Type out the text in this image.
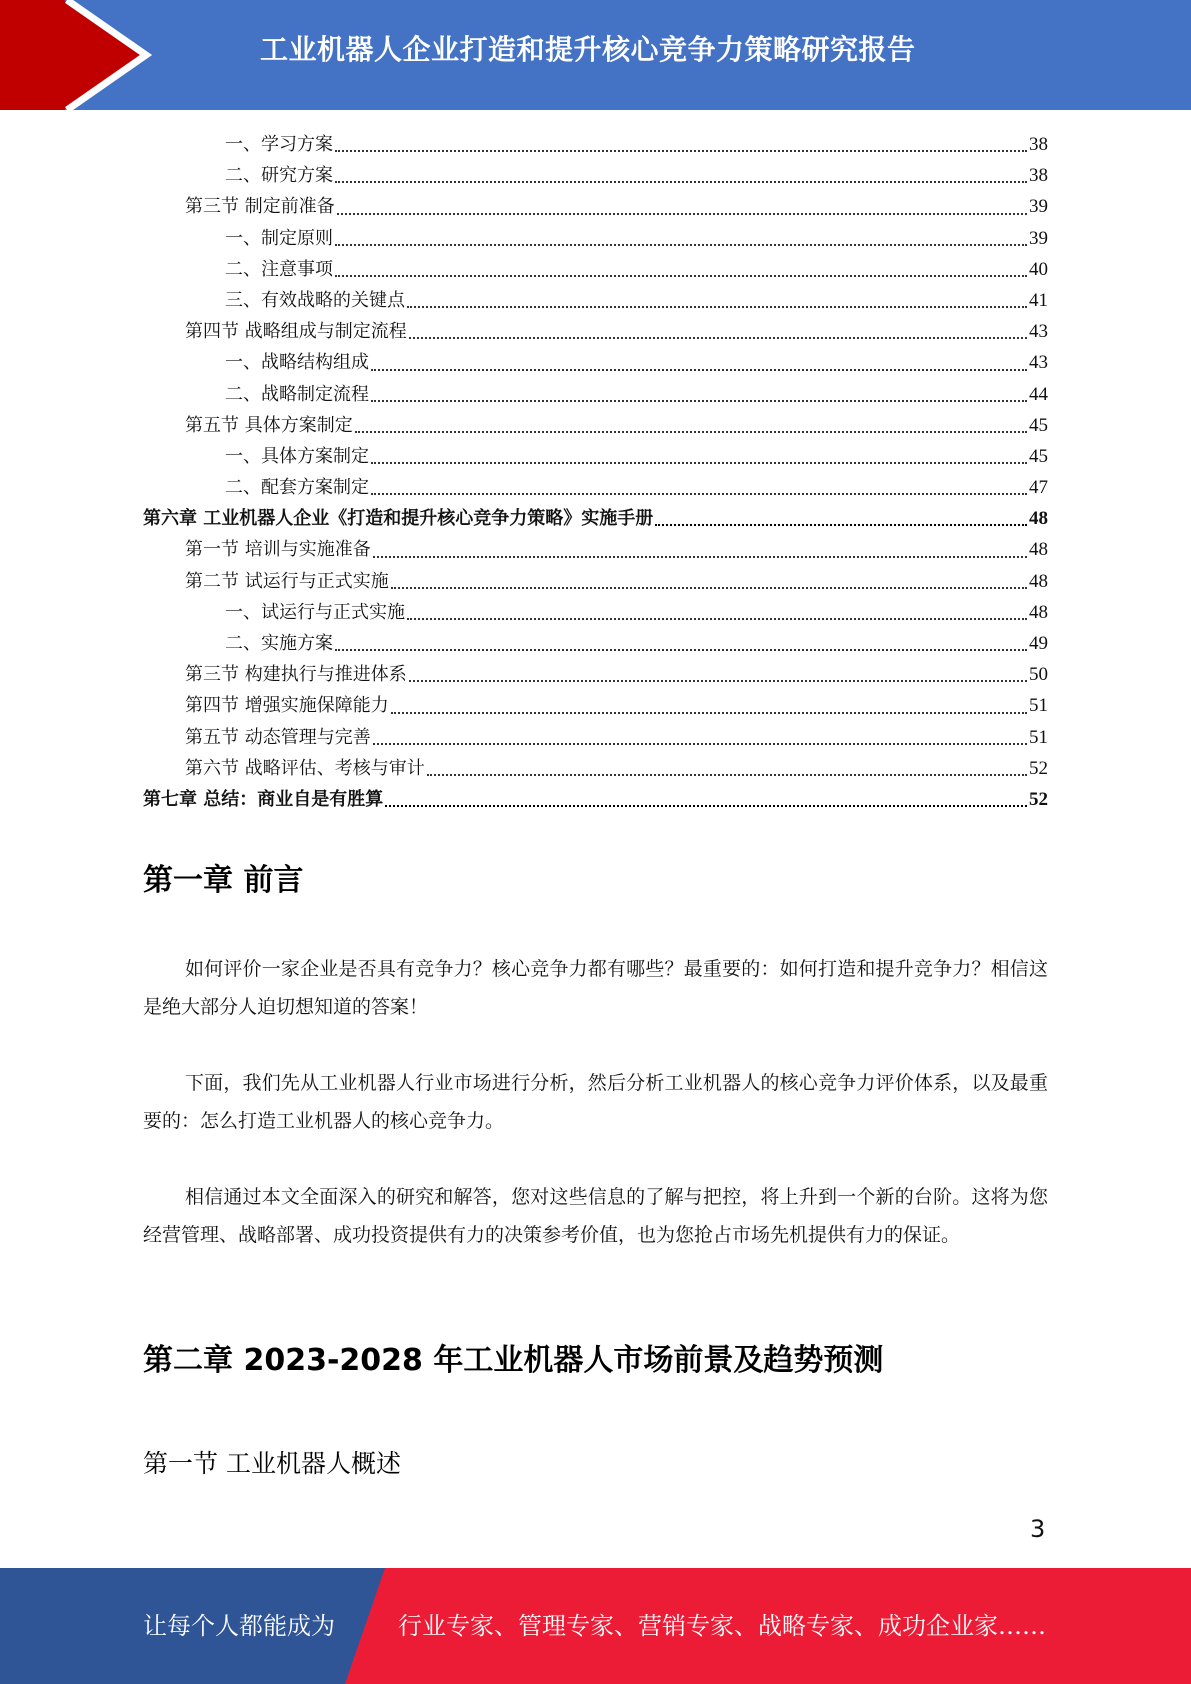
工业机器人企业打造和提升核心竞争力策略研究报告
一、学习方案	38
二、研究方案	38
第三节 制定前准备	39
一、制定原则	39
二、注意事项	40
三、有效战略的关键点	41
第四节 战略组成与制定流程	43
一、战略结构组成	43
二、战略制定流程	44
第五节 具体方案制定	45
一、具体方案制定	45
二、配套方案制定	47
第六章 工业机器人企业《打造和提升核心竞争力策略》实施手册	48
第一节 培训与实施准备	48
第二节 试运行与正式实施	48
一、试运行与正式实施	48
二、实施方案	49
第三节 构建执行与推进体系	50
第四节 增强实施保障能力	51
第五节 动态管理与完善	51
第六节 战略评估、考核与审计	52
第七章 总结：商业自是有胜算	52
第一章 前言
如何评价一家企业是否具有竞争力？核心竞争力都有哪些？最重要的：如何打造和提升竞争力？相信这是绝大部分人迫切想知道的答案！
下面，我们先从工业机器人行业市场进行分析，然后分析工业机器人的核心竞争力评价体系，以及最重要的：怎么打造工业机器人的核心竞争力。
相信通过本文全面深入的研究和解答，您对这些信息的了解与把控，将上升到一个新的台阶。这将为您经营管理、战略部署、成功投资提供有力的决策参考价值，也为您抢占市场先机提供有力的保证。
第二章 2023-2028 年工业机器人市场前景及趋势预测
第一节 工业机器人概述
3
让每个人都能成为	行业专家、管理专家、营销专家、战略专家、成功企业家……
